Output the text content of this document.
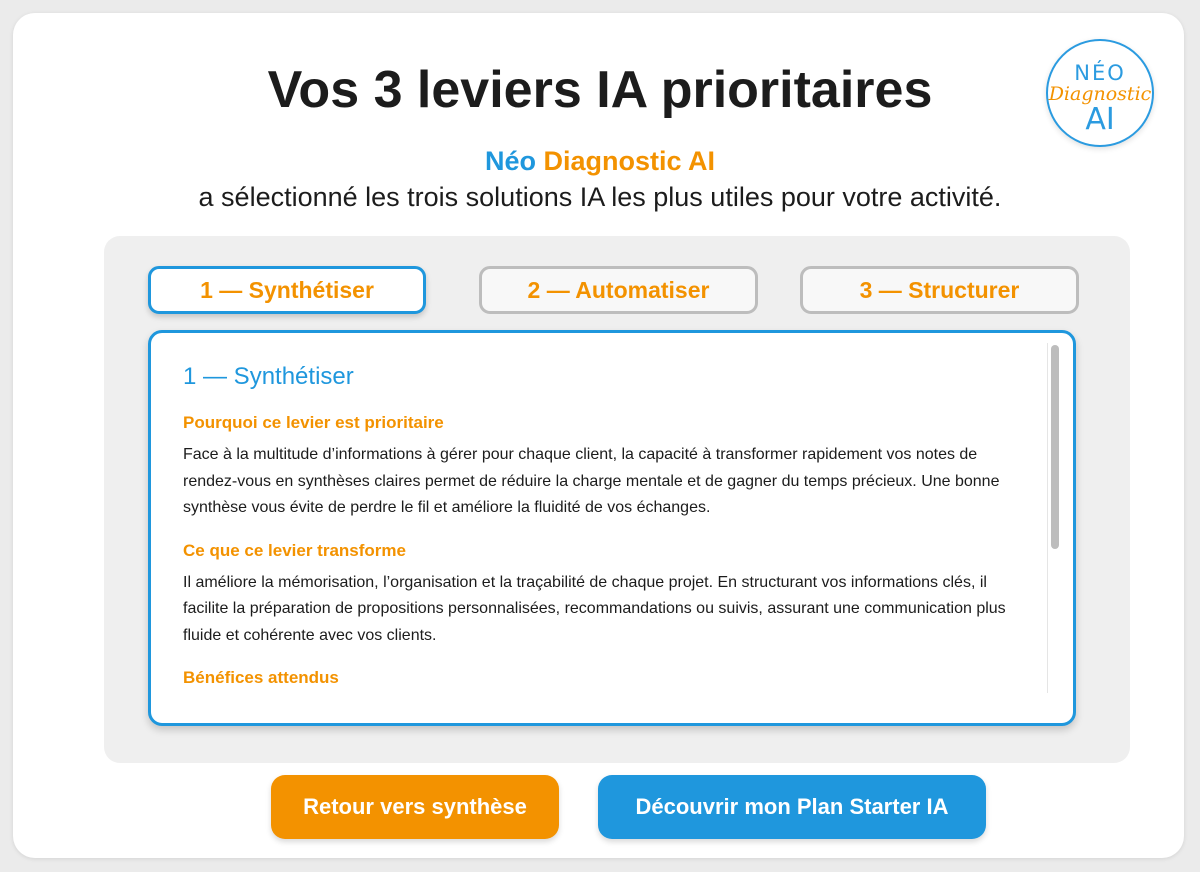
NÉO
Diagnostic
AI
Vos 3 leviers IA prioritaires
Néo Diagnostic AI
a sélectionné les trois solutions IA les plus utiles pour votre activité.
1 — Synthétiser	2 — Automatiser	3 — Structurer
1 — Synthétiser
Pourquoi ce levier est prioritaire
Face à la multitude d’informations à gérer pour chaque client, la capacité à transformer rapidement vos notes de rendez-vous en synthèses claires permet de réduire la charge mentale et de gagner du temps précieux. Une bonne synthèse vous évite de perdre le fil et améliore la fluidité de vos échanges.
Ce que ce levier transforme
Il améliore la mémorisation, l’organisation et la traçabilité de chaque projet. En structurant vos informations clés, il facilite la préparation de propositions personnalisées, recommandations ou suivis, assurant une communication plus fluide et cohérente avec vos clients.
Bénéfices attendus
Retour vers synthèse	Découvrir mon Plan Starter IA
